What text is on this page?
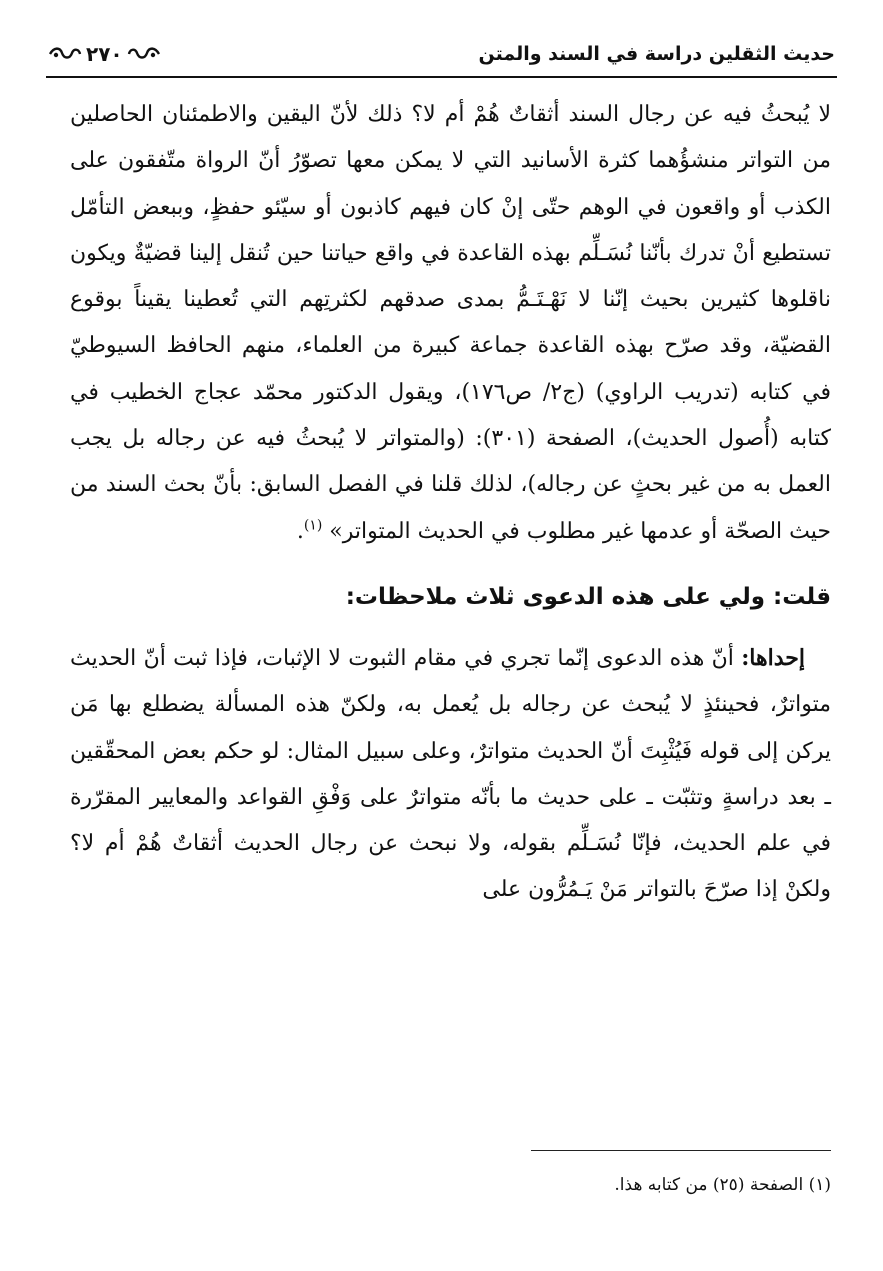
حديث الثقلين دراسة في السند والمتن
٢٧٠

لا يُبحثُ فيه عن رجال السند أثقاتٌ هُمْ أم لا؟ ذلك لأنّ اليقين والاطمئنان الحاصلين من التواتر منشؤُهما كثرة الأسانيد التي لا يمكن معها تصوّرُ أنّ الرواة متّفقون على الكذب أو واقعون في الوهم حتّى إنْ كان فيهم كاذبون أو سيّئو حفظٍ، وببعض التأمّل تستطيع أنْ تدرك بأنّنا نُسَـلِّم بهذه القاعدة في واقع حياتنا حين تُنقل إلينا قضيّةٌ ويكون ناقلوها كثيرين بحيث إنّنا لا نَهْـتَـمُّ بمدى صدقهم لكثرتِهم التي تُعطينا يقيناً بوقوع القضيّة، وقد صرّح بهذه القاعدة جماعة كبيرة من العلماء، منهم الحافظ السيوطيّ في كتابه (تدريب الراوي) (ج٢/ ص١٧٦)، ويقول الدكتور محمّد عجاج الخطيب في كتابه (أُصول الحديث)، الصفحة (٣٠١): (والمتواتر لا يُبحثُ فيه عن رجاله بل يجب العمل به من غير بحثٍ عن رجاله)، لذلك قلنا في الفصل السابق: بأنّ بحث السند من حيث الصحّة أو عدمها غير مطلوب في الحديث المتواتر» $^{(١)}$.

قلت: ولي على هذه الدعوى ثلاث ملاحظات:

إحداها: أنّ هذه الدعوى إنّما تجري في مقام الثبوت لا الإثبات، فإذا ثبت أنّ الحديث متواترٌ، فحينئذٍ لا يُبحث عن رجاله بل يُعمل به، ولكنّ هذه المسألة يضطلع بها مَن يركن إلى قوله فَيُثْبِتَ أنّ الحديث متواترٌ، وعلى سبيل المثال: لو حكم بعض المحقّقين ـ بعد دراسةٍ وتثبّت ـ على حديث ما بأنّه متواترٌ على وَفْقِ القواعد والمعايير المقرّرة في علم الحديث، فإنّا نُسَـلِّم بقوله، ولا نبحث عن رجال الحديث أثقاتٌ هُمْ أم لا؟ ولكنْ إذا صرّحَ بالتواتر مَنْ يَـمُرُّون على

(١) الصفحة (٢٥) من كتابه هذا.
